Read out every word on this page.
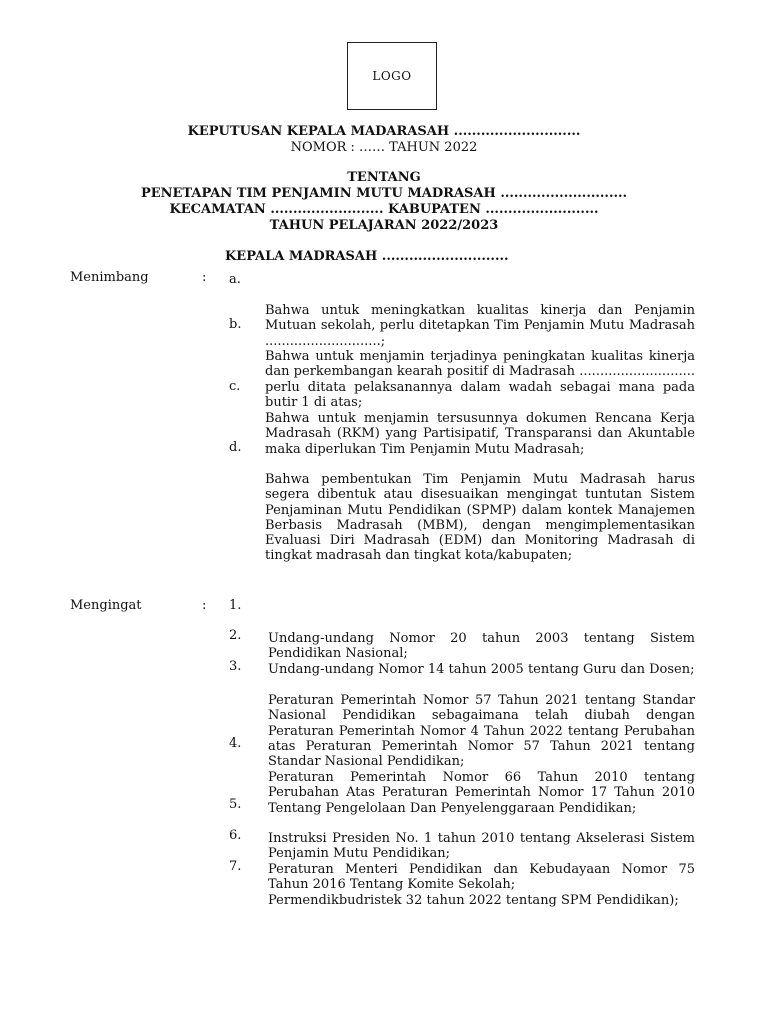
LOGO
KEPUTUSAN KEPALA MADARASAH ............................
NOMOR : …… TAHUN 2022
TENTANG
PENETAPAN TIM PENJAMIN MUTU MADRASAH ............................
KECAMATAN ......................... KABUPATEN .........................
TAHUN PELAJARAN 2022/2023
KEPALA MADRASAH ............................
Menimbang	: a.
b.
c.
d.
Bahwa untuk meningkatkan kualitas kinerja dan Penjamin Mutuan sekolah, perlu ditetapkan Tim Penjamin Mutu Madrasah ............................;
Bahwa untuk menjamin terjadinya peningkatan kualitas kinerja dan perkembangan kearah positif di Madrasah ............................ perlu ditata pelaksanannya dalam wadah sebagai mana pada butir 1 di atas;
Bahwa untuk menjamin tersusunnya dokumen Rencana Kerja Madrasah (RKM) yang Partisipatif, Transparansi dan Akuntable maka diperlukan Tim Penjamin Mutu Madrasah;
Bahwa pembentukan Tim Penjamin Mutu Madrasah harus segera dibentuk atau disesuaikan mengingat tuntutan Sistem Penjaminan Mutu Pendidikan (SPMP) dalam kontek Manajemen Berbasis Madrasah (MBM), dengan mengimplementasikan Evaluasi Diri Madrasah (EDM) dan Monitoring Madrasah di tingkat madrasah dan tingkat kota/kabupaten;
Mengingat	: 1.
2.
3.
4.
5.
6.
7.
Undang-undang Nomor 20 tahun 2003 tentang Sistem Pendidikan Nasional;
Undang-undang Nomor 14 tahun 2005 tentang Guru dan Dosen;
Peraturan Pemerintah Nomor 57 Tahun 2021 tentang Standar Nasional Pendidikan sebagaimana telah diubah dengan Peraturan Pemerintah Nomor 4 Tahun 2022 tentang Perubahan atas Peraturan Pemerintah Nomor 57 Tahun 2021 tentang Standar Nasional Pendidikan;
Peraturan Pemerintah Nomor 66 Tahun 2010 tentang Perubahan Atas Peraturan Pemerintah Nomor 17 Tahun 2010 Tentang Pengelolaan Dan Penyelenggaraan Pendidikan;
Instruksi Presiden No. 1 tahun 2010 tentang Akselerasi Sistem Penjamin Mutu Pendidikan;
Peraturan Menteri Pendidikan dan Kebudayaan Nomor 75 Tahun 2016 Tentang Komite Sekolah;
Permendikbudristek 32 tahun 2022 tentang SPM Pendidikan);
